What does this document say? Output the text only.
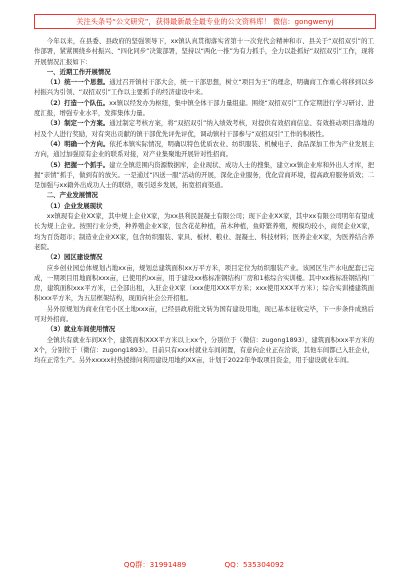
关注头条号“公文研究”，获得最新最全最专业的公文资料库！ 微信：gongwenyj

今年以来，在县委、县政府的坚强领导下，xx镇认真贯彻落实省第十一次党代会精神和市、县关于“双招双引”的工作部署，紧紧围绕乡村振兴、“四化同步”决策部署，坚持以“两化一推”为有力抓手，全力以赴抓好“双招双引”工作，现将开展情况汇报如下：

一、近期工作开展情况

（1）统一一个思想。通过召开镇村干部大会，统一干部思想，树立“项目为王”的理念，明确商工作重心将移到以乡村振兴为引领、“双招双引”工作以主要抓手的经济建设中来。

（2）打造一个队伍。xx镇以经发办为枢纽，集中镇全体干部力量组建。围绕“双招双引”工作定期进行学习研讨、进度汇报，增强专业水平，发挥集体力量。

（3）制定一个方案。通过制定考核方案，将“双招双引”纳入绩效考核，对提供有效招商信息、有效推动项目落地的村及个人进行奖励，对有突出贡献的镇干部优先评先评优，调动镇村干部参与“双招双引”工作的积极性。

（4）明确一个方向。依托本镇实际情况，明确以特色优质农业、纺织服装、机械电子、食品深加工作为产业发展主方向，通过加强原有企业的联系对接，对产业集聚地开展针对性招商。

（5）把握一个抓手。建立全镇范围内资源数据库，企业现状、成功人士的搜集，建立xx镇企业库和外出人才库，把握“亲情”抓手，做到有的放矢。一是通过“四送一服”活动的开展，深化企业服务，优化营商环境，提高政府服务质效；二是加强与xx籍外出成功人士的联络，吸引返乡发展，拓宽招商渠道。

二、产业发展情况

（1）企业发展现状

xx镇现有企业XX家，其中规上企业X家，为xx县利民混凝土有限公司；现下企业XX家，其中xx有限公司明年有望成长为规上企业。按照行业分类，种养殖企业X家，包含花花种植，苗木种植，鱼虾繁养殖，规模均较小，商贸企业X家，均为百货超市；制造业企业XX家，包含纺织服装、家具、板材、粮业、混凝土、科技材料；医养企业X家，为医养结合养老院。

（2）园区建设情况

应乡创业园总体规划占地xx亩，规划总建筑面积xx万平方米，项目定位为纺织服装产业。该园区生产水电配套已完成，一期项目用地面积xxx亩，已使用约xx亩，用于建设xx栋标准钢结构厂房和1栋综合实训楼。其中xx栋标准钢结构厂房，建筑面积xxx平方米，已全部出租，入驻企业X家（xxx使用XXX平方米；xxx使用XXX平方米）；综合实训楼建筑面积xxx平方米，为五层框架结构，现面向社会公开招租。

另外原规划为商业住宅小区土地xxx亩，已经县政府批文转为国有建设用地，现已基本征收完毕，下一步条件成熟后可对外招商。

（3）就业车间使用情况

全镇共有就业车间XX个，建筑面积XXX平方米以上xx个，分别位于（微信：zugong1893），建筑面积xxx平方米的X个，分别位于（微信：zugong1893）。目前只有xxx村就业车间闲置，有意向企业正在洽谈，其他车间都已入驻企业，均在正常生产。另外xxxxx村热援排问利用建设用地约XX亩，计划于2022年争取项目资金，用于建设就业车间。

QQ群：31991489	QQ：535304092
